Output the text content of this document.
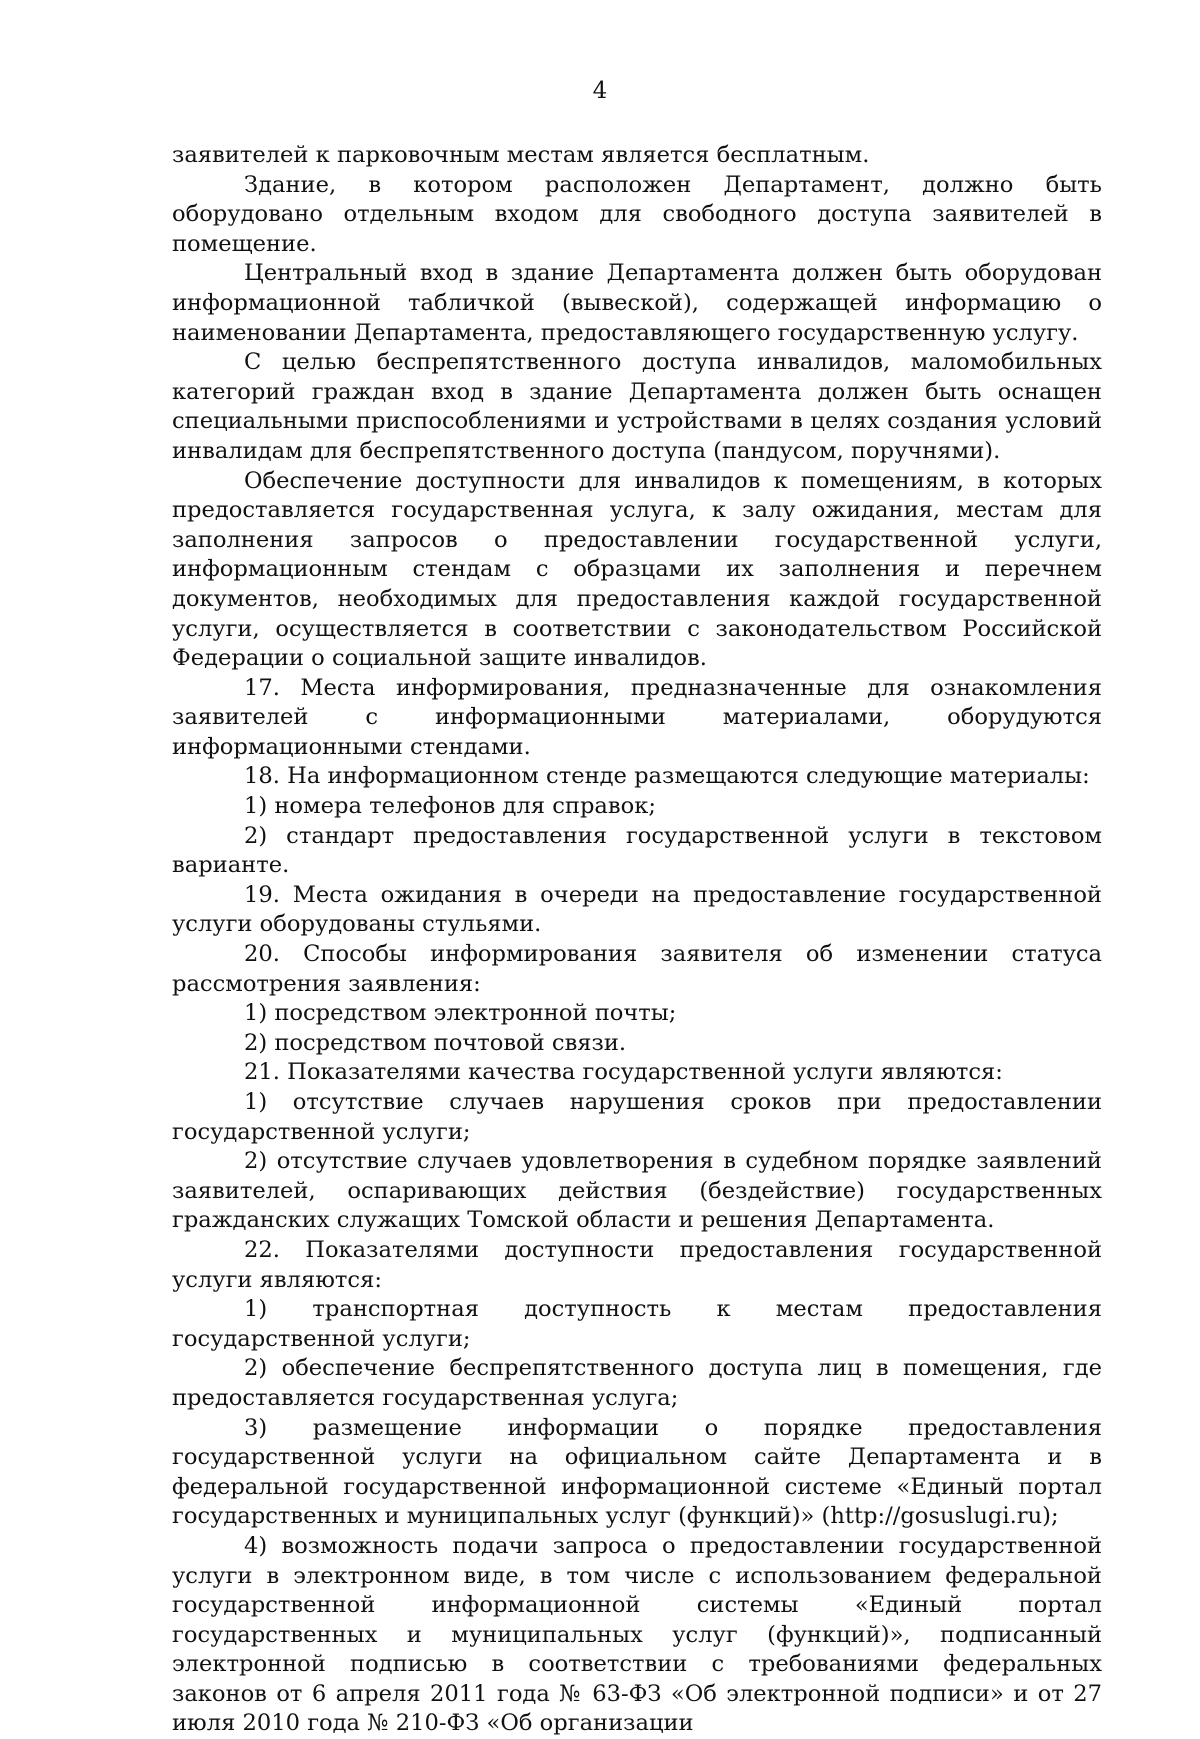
4

заявителей к парковочным местам является бесплатным.

Здание, в котором расположен Департамент, должно быть оборудовано отдельным входом для свободного доступа заявителей в помещение.

Центральный вход в здание Департамента должен быть оборудован информационной табличкой (вывеской), содержащей информацию о наименовании Департамента, предоставляющего государственную услугу.

С целью беспрепятственного доступа инвалидов, маломобильных категорий граждан вход в здание Департамента должен быть оснащен специальными приспособлениями и устройствами в целях создания условий инвалидам для беспрепятственного доступа (пандусом, поручнями).

Обеспечение доступности для инвалидов к помещениям, в которых предоставляется государственная услуга, к залу ожидания, местам для заполнения запросов о предоставлении государственной услуги, информационным стендам с образцами их заполнения и перечнем документов, необходимых для предоставления каждой государственной услуги, осуществляется в соответствии с законодательством Российской Федерации о социальной защите инвалидов.

17. Места информирования, предназначенные для ознакомления заявителей с информационными материалами, оборудуются информационными стендами.

18. На информационном стенде размещаются следующие материалы:

1) номера телефонов для справок;

2) стандарт предоставления государственной услуги в текстовом варианте.

19. Места ожидания в очереди на предоставление государственной услуги оборудованы стульями.

20. Способы информирования заявителя об изменении статуса рассмотрения заявления:

1) посредством электронной почты;

2) посредством почтовой связи.

21. Показателями качества государственной услуги являются:

1) отсутствие случаев нарушения сроков при предоставлении государственной услуги;

2) отсутствие случаев удовлетворения в судебном порядке заявлений заявителей, оспаривающих действия (бездействие) государственных гражданских служащих Томской области и решения Департамента.

22. Показателями доступности предоставления государственной услуги являются:

1) транспортная доступность к местам предоставления государственной услуги;

2) обеспечение беспрепятственного доступа лиц в помещения, где предоставляется государственная услуга;

3) размещение информации о порядке предоставления государственной услуги на официальном сайте Департамента и в федеральной государственной информационной системе «Единый портал государственных и муниципальных услуг (функций)» (http://gosuslugi.ru);

4) возможность подачи запроса о предоставлении государственной услуги в электронном виде, в том числе с использованием федеральной государственной информационной системы «Единый портал государственных и муниципальных услуг (функций)», подписанный электронной подписью в соответствии с требованиями федеральных законов от 6 апреля 2011 года № 63-ФЗ «Об электронной подписи» и от 27 июля 2010 года № 210-ФЗ «Об организации
